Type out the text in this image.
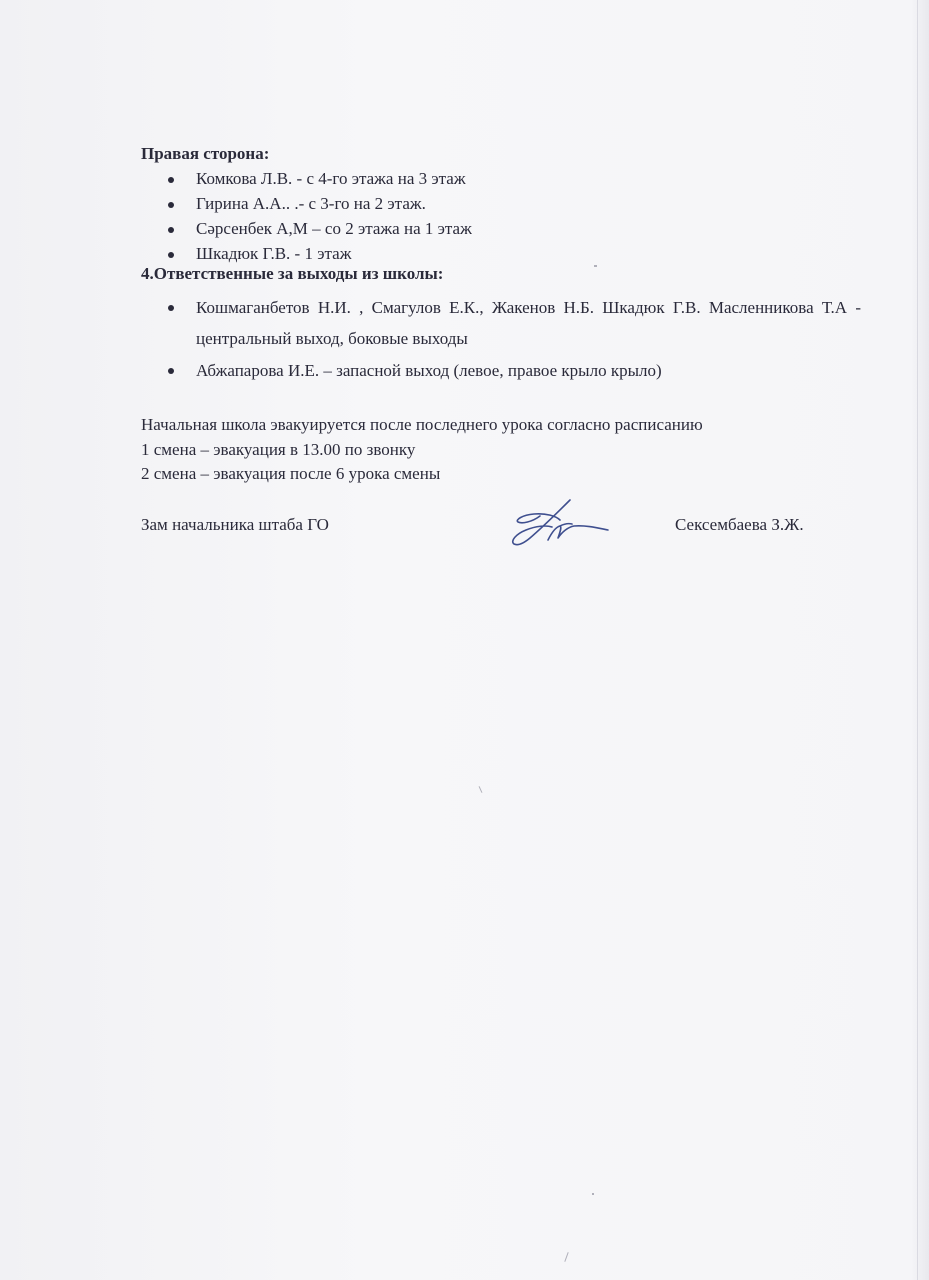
Правая сторона:

Комкова Л.В. - с 4-го этажа на 3 этаж
Гирина А.А.. .- с 3-го на 2 этаж.
Сәрсенбек А,М – со 2 этажа на 1 этаж
Шкадюк Г.В. - 1 этаж

4.Ответственные за выходы из школы:

Кошмаганбетов Н.И. , Смагулов Е.К., Жакенов Н.Б. Шкадюк Г.В. Масленникова Т.А - центральный выход, боковые выходы
Абжапарова И.Е. – запасной выход (левое, правое крыло крыло)

Начальная школа эвакуируется после последнего урока согласно расписанию

1 смена – эвакуация в 13.00 по звонку

2 смена – эвакуация после 6 урока смены

Зам начальника штаба ГО	Сексембаева З.Ж.
